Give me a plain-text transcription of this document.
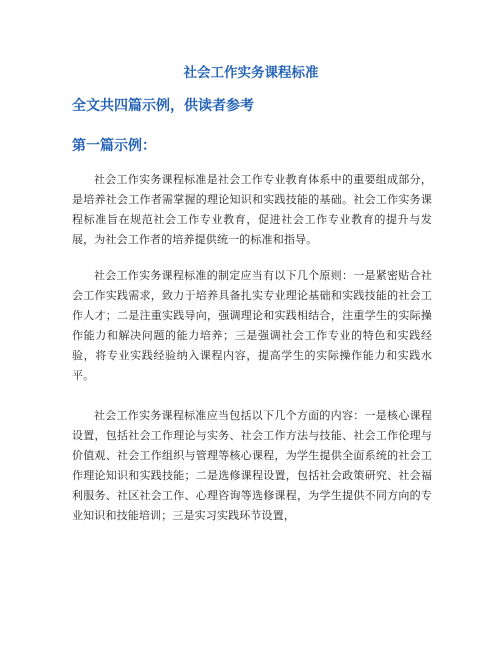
社会工作实务课程标准
全文共四篇示例，供读者参考
第一篇示例：

社会工作实务课程标准是社会工作专业教育体系中的重要组成部分，是培养社会工作者需掌握的理论知识和实践技能的基础。社会工作实务课程标准旨在规范社会工作专业教育，促进社会工作专业教育的提升与发展，为社会工作者的培养提供统一的标准和指导。

社会工作实务课程标准的制定应当有以下几个原则：一是紧密贴合社会工作实践需求，致力于培养具备扎实专业理论基础和实践技能的社会工作人才；二是注重实践导向，强调理论和实践相结合，注重学生的实际操作能力和解决问题的能力培养；三是强调社会工作专业的特色和实践经验，将专业实践经验纳入课程内容，提高学生的实际操作能力和实践水平。

社会工作实务课程标准应当包括以下几个方面的内容：一是核心课程设置，包括社会工作理论与实务、社会工作方法与技能、社会工作伦理与价值观、社会工作组织与管理等核心课程，为学生提供全面系统的社会工作理论知识和实践技能；二是选修课程设置，包括社会政策研究、社会福利服务、社区社会工作、心理咨询等选修课程，为学生提供不同方向的专业知识和技能培训；三是实习实践环节设置，
